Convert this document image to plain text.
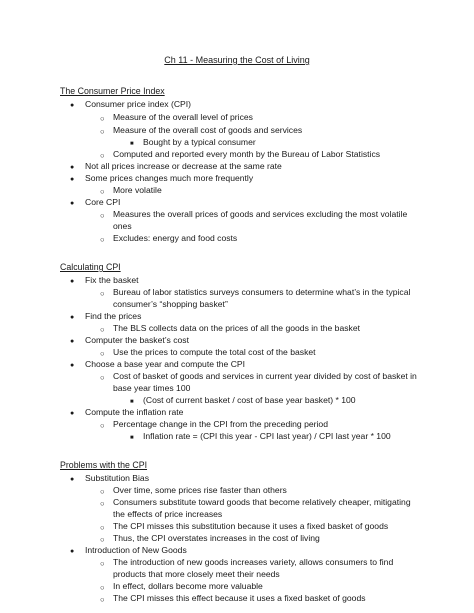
Ch 11 - Measuring the Cost of Living
The Consumer Price Index
● Consumer price index (CPI)
○ Measure of the overall level of prices
○ Measure of the overall cost of goods and services
■ Bought by a typical consumer
○ Computed and reported every month by the Bureau of Labor Statistics
● Not all prices increase or decrease at the same rate
● Some prices changes much more frequently
○ More volatile
● Core CPI
○ Measures the overall prices of goods and services excluding the most volatile
ones
○ Excludes: energy and food costs
Calculating CPI
● Fix the basket
○ Bureau of labor statistics surveys consumers to determine what’s in the typical
consumer’s “shopping basket”
● Find the prices
○ The BLS collects data on the prices of all the goods in the basket
● Computer the basket’s cost
○ Use the prices to compute the total cost of the basket
● Choose a base year and compute the CPI
○ Cost of basket of goods and services in current year divided by cost of basket in
base year times 100
■ (Cost of current basket / cost of base year basket) * 100
● Compute the inflation rate
○ Percentage change in the CPI from the preceding period
■ Inflation rate = (CPI this year - CPI last year) / CPI last year * 100
Problems with the CPI
● Substitution Bias
○ Over time, some prices rise faster than others
○ Consumers substitute toward goods that become relatively cheaper, mitigating
the effects of price increases
○ The CPI misses this substitution because it uses a fixed basket of goods
○ Thus, the CPI overstates increases in the cost of living
● Introduction of New Goods
○ The introduction of new goods increases variety, allows consumers to find
products that more closely meet their needs
○ In effect, dollars become more valuable
○ The CPI misses this effect because it uses a fixed basket of goods
